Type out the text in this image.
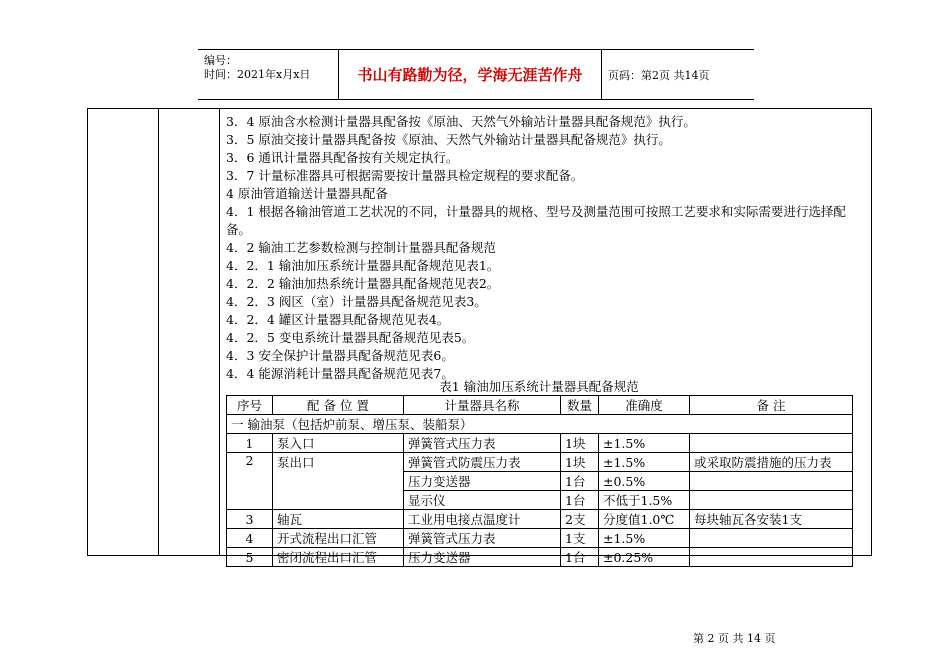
编号：
时间：2021年x月x日	书山有路勤为径，学海无涯苦作舟	页码：第2页 共14页

3．4 原油含水检测计量器具配备按《原油、天然气外输站计量器具配备规范》执行。

3．5 原油交接计量器具配备按《原油、天然气外输站计量器具配备规范》执行。

3．6 通讯计量器具配备按有关规定执行。

3．7 计量标准器具可根据需要按计量器具检定规程的要求配备。

4 原油管道输送计量器具配备

4．1 根据各输油管道工艺状况的不同，计量器具的规格、型号及测量范围可按照工艺要求和实际需要进行选择配备。

4．2 输油工艺参数检测与控制计量器具配备规范

4．2．1 输油加压系统计量器具配备规范见表1。

4．2．2 输油加热系统计量器具配备规范见表2。

4．2．3 阀区（室）计量器具配备规范见表3。

4．2．4 罐区计量器具配备规范见表4。

4．2．5 变电系统计量器具配备规范见表5。

4．3 安全保护计量器具配备规范见表6。

4．4 能源消耗计量器具配备规范见表7。

表1 输油加压系统计量器具配备规范
序号	配 备 位 置	计量器具名称	数量	准确度	备 注
一 输油泵（包括炉前泵、增压泵、装船泵）					
1	泵入口	弹簧管式压力表	1块	±1.5%	
2	泵出口	弹簧管式防震压力表	1块	±1.5%	或采取防震措施的压力表
		压力变送器	1台	±0.5%	
		显示仪	1台	不低于1.5%	
3	轴瓦	工业用电接点温度计	2支	分度值1.0℃	每块轴瓦各安装1支
4	开式流程出口汇管	弹簧管式压力表	1支	±1.5%	
5	密闭流程出口汇管	压力变送器	1台	±0.25%	
第 2 页 共 14 页
